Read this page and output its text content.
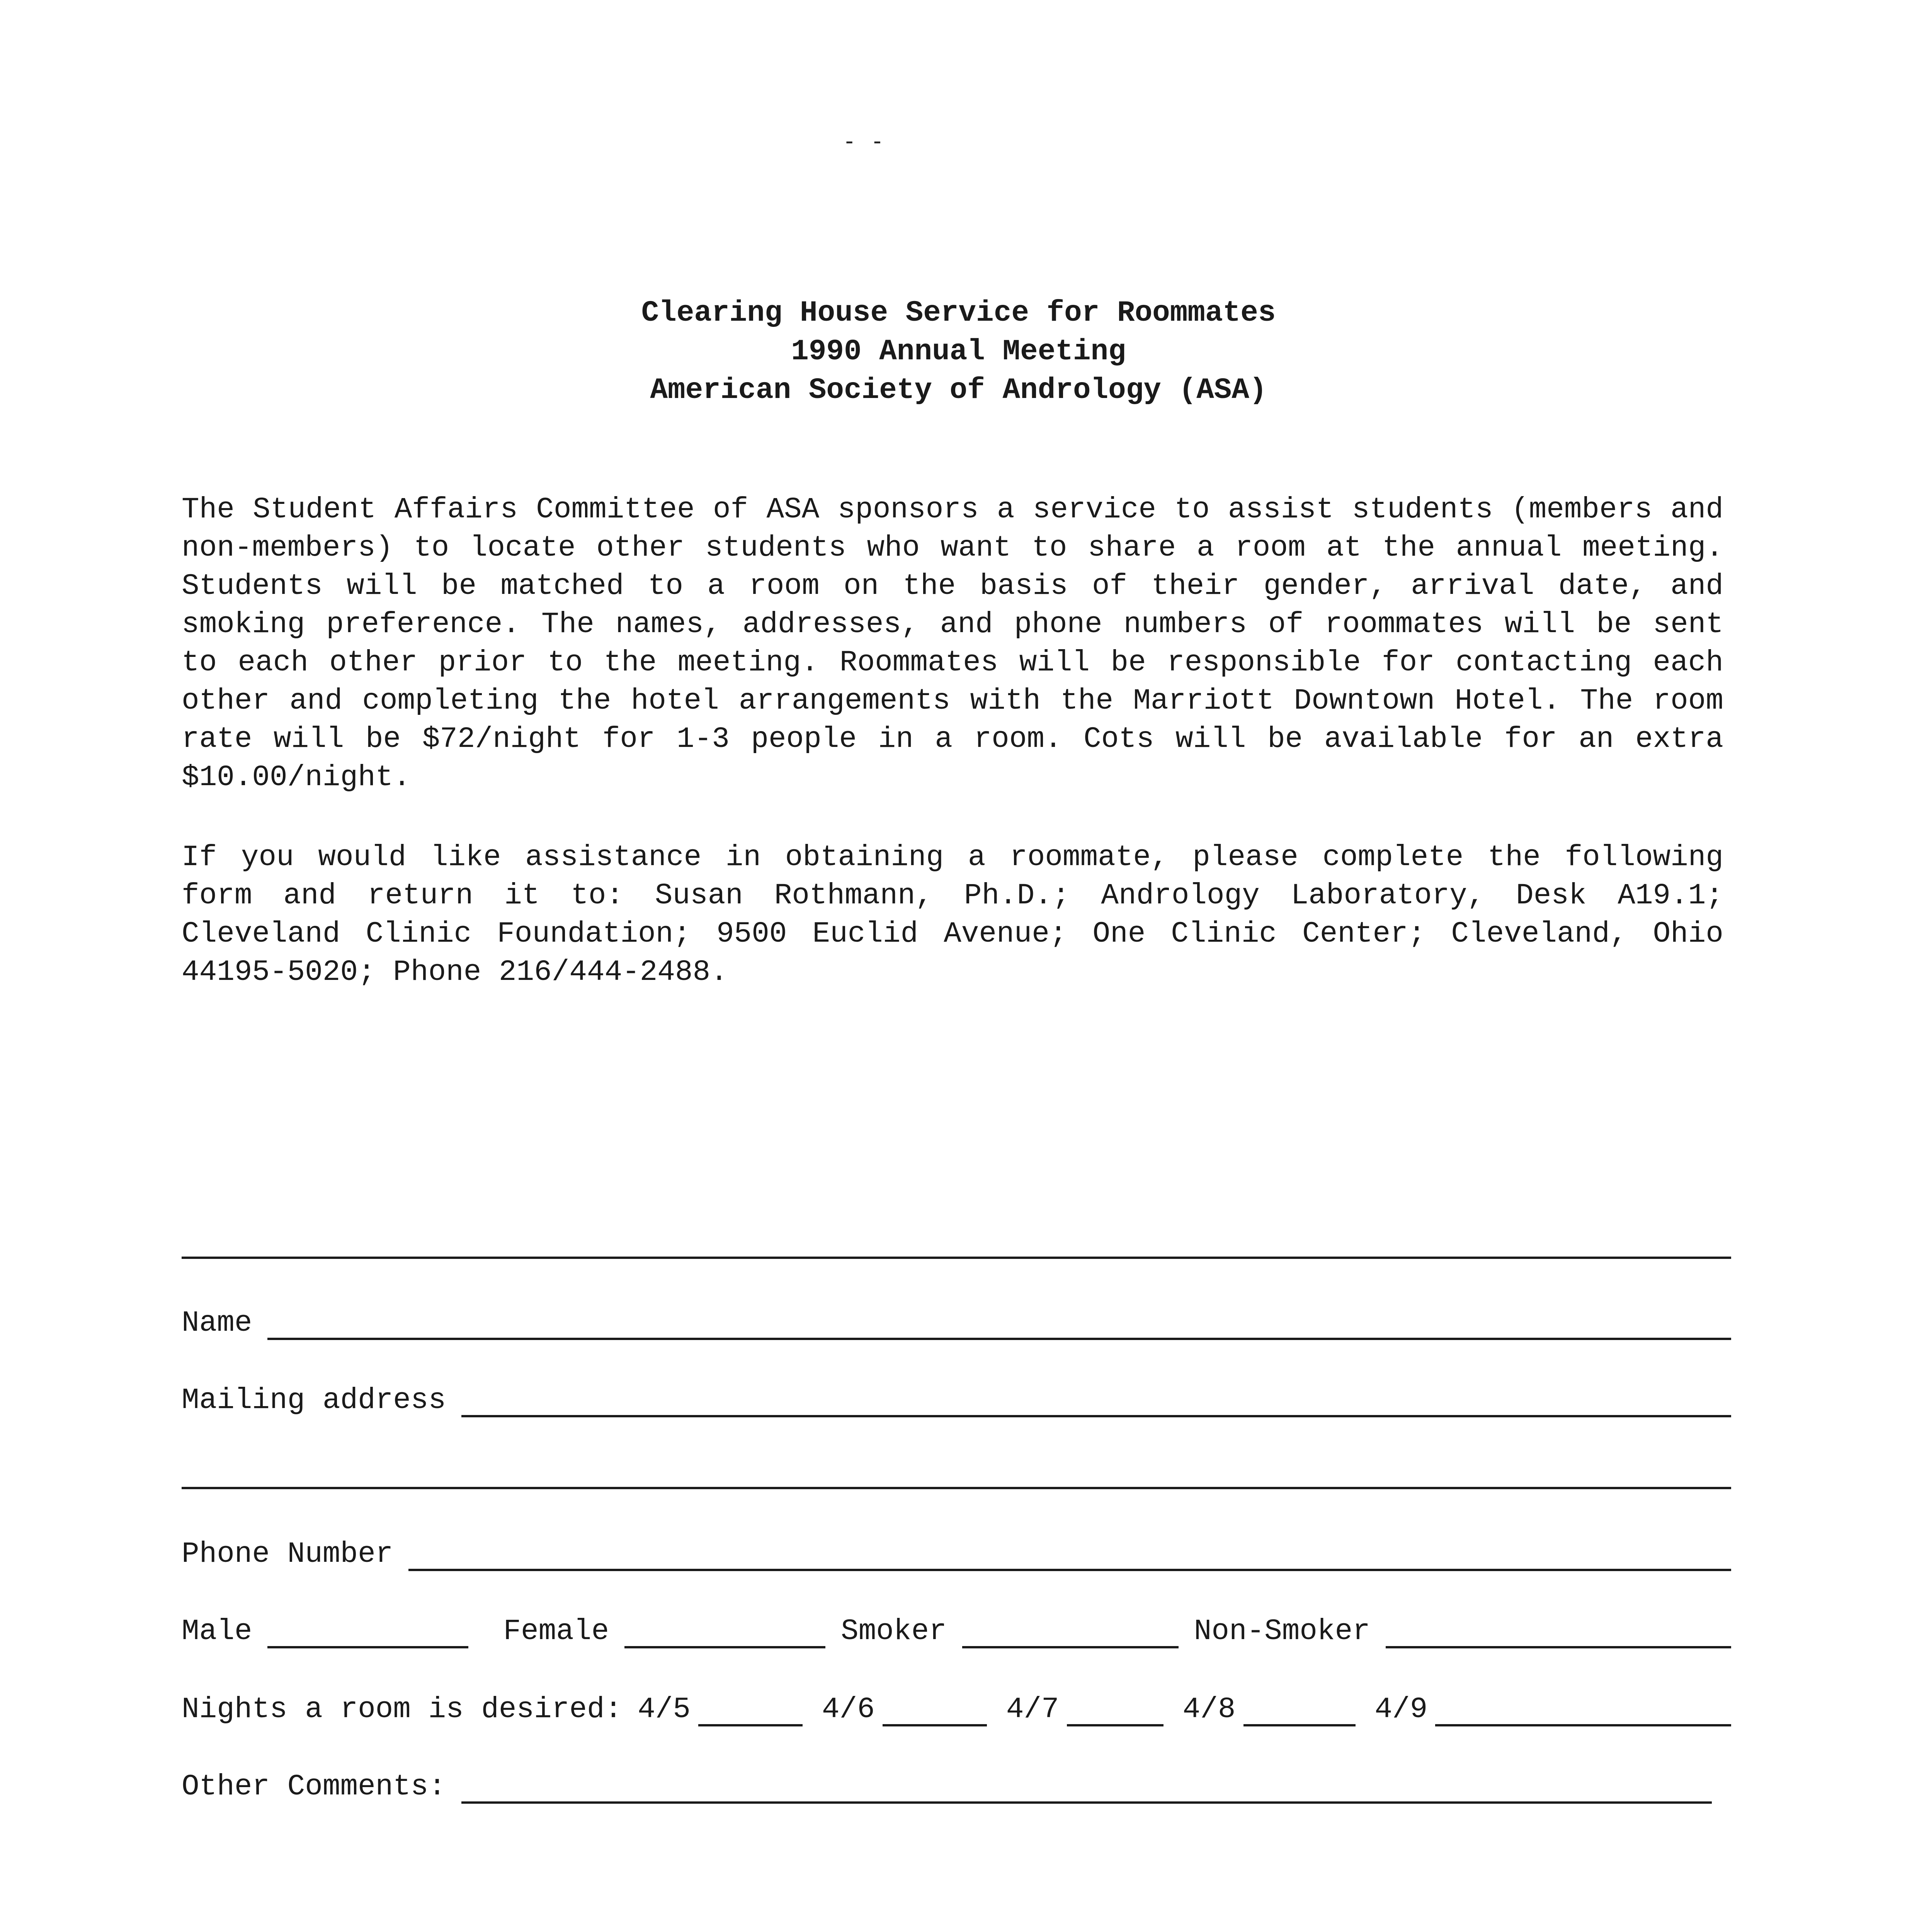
- -
Clearing House Service for Roommates
1990 Annual Meeting
American Society of Andrology (ASA)

The Student Affairs Committee of ASA sponsors a service to assist students (members and non-members) to locate other students who want to share a room at the annual meeting. Students will be matched to a room on the basis of their gender, arrival date, and smoking preference. The names, addresses, and phone numbers of roommates will be sent to each other prior to the meeting. Roommates will be responsible for contacting each other and completing the hotel arrangements with the Marriott Downtown Hotel. The room rate will be $72/night for 1-3 people in a room. Cots will be available for an extra $10.00/night.

If you would like assistance in obtaining a roommate, please complete the following form and return it to: Susan Rothmann, Ph.D.; Andrology Laboratory, Desk A19.1; Cleveland Clinic Foundation; 9500 Euclid Avenue; One Clinic Center; Cleveland, Ohio 44195-5020; Phone 216/444-2488.

Name
Mailing address
Phone Number
Male	Female	Smoker	Non-Smoker
Nights a room is desired: 4/5	4/6	4/7	4/8	4/9
Other Comments:
